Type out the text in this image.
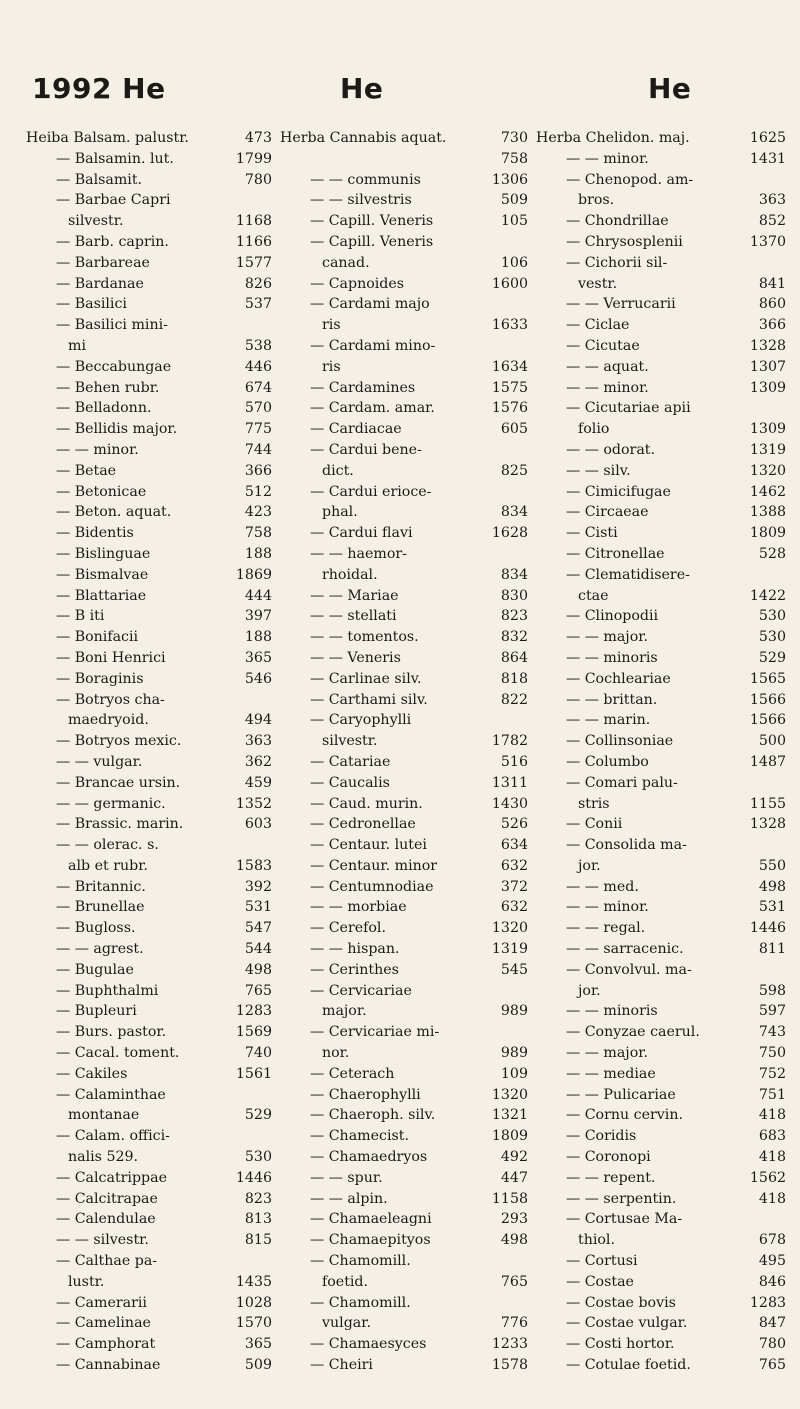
1992 He	He	He
Heiba Balsam. palustr.	473
— Balsamin. lut.	1799
— Balsamit.	780
— Barbae Capri
silvestr.	1168
— Barb. caprin.	1166
— Barbareae	1577
— Bardanae	826
— Basilici	537
— Basilici mini-
mi	538
— Beccabungae	446
— Behen rubr.	674
— Belladonn.	570
— Bellidis major.	775
— — minor.	744
— Betae	366
— Betonicae	512
— Beton. aquat.	423
— Bidentis	758
— Bislinguae	188
— Bismalvae	1869
— Blattariae	444
— B iti	397
— Bonifacii	188
— Boni Henrici	365
— Boraginis	546
— Botryos cha-
maedryoid.	494
— Botryos mexic.	363
— — vulgar.	362
— Brancae ursin.	459
— — germanic.	1352
— Brassic. marin.	603
— — olerac. s.
alb et rubr.	1583
— Britannic.	392
— Brunellae	531
— Bugloss.	547
— — agrest.	544
— Bugulae	498
— Buphthalmi	765
— Bupleuri	1283
— Burs. pastor.	1569
— Cacal. toment.	740
— Cakiles	1561
— Calaminthae
montanae	529
— Calam. offici-
nalis 529.	530
— Calcatrippae	1446
— Calcitrapae	823
— Calendulae	813
— — silvestr.	815
— Calthae pa-
lustr.	1435
— Camerarii	1028
— Camelinae	1570
— Camphorat	365
— Cannabinae	509
Herba Cannabis aquat.	730
758
— — communis	1306
— — silvestris	509
— Capill. Veneris	105
— Capill. Veneris
canad.	106
— Capnoides	1600
— Cardami majo
ris	1633
— Cardami mino-
ris	1634
— Cardamines	1575
— Cardam. amar.	1576
— Cardiacae	605
— Cardui bene-
dict.	825
— Cardui erioce-
phal.	834
— Cardui flavi	1628
— — haemor-
rhoidal.	834
— — Mariae	830
— — stellati	823
— — tomentos.	832
— — Veneris	864
— Carlinae silv.	818
— Carthami silv.	822
— Caryophylli
silvestr.	1782
— Catariae	516
— Caucalis	1311
— Caud. murin.	1430
— Cedronellae	526
— Centaur. lutei	634
— Centaur. minor	632
— Centumnodiae	372
— — morbiae	632
— Cerefol.	1320
— — hispan.	1319
— Cerinthes	545
— Cervicariae
major.	989
— Cervicariae mi-
nor.	989
— Ceterach	109
— Chaerophylli	1320
— Chaeroph. silv.	1321
— Chamecist.	1809
— Chamaedryos	492
— — spur.	447
— — alpin.	1158
— Chamaeleagni	293
— Chamaepityos	498
— Chamomill.
foetid.	765
— Chamomill.
vulgar.	776
— Chamaesyces	1233
— Cheiri	1578
Herba Chelidon. maj.	1625
— — minor.	1431
— Chenopod. am-
bros.	363
— Chondrillae	852
— Chrysosplenii	1370
— Cichorii sil-
vestr.	841
— — Verrucarii	860
— Ciclae	366
— Cicutae	1328
— — aquat.	1307
— — minor.	1309
— Cicutariae apii
folio	1309
— — odorat.	1319
— — silv.	1320
— Cimicifugae	1462
— Circaeae	1388
— Cisti	1809
— Citronellae	528
— Clematidisere-
ctae	1422
— Clinopodii	530
— — major.	530
— — minoris	529
— Cochleariae	1565
— — brittan.	1566
— — marin.	1566
— Collinsoniae	500
— Columbo	1487
— Comari palu-
stris	1155
— Conii	1328
— Consolida ma-
jor.	550
— — med.	498
— — minor.	531
— — regal.	1446
— — sarracenic.	811
— Convolvul. ma-
jor.	598
— — minoris	597
— Conyzae caerul.	743
— — major.	750
— — mediae	752
— — Pulicariae	751
— Cornu cervin.	418
— Coridis	683
— Coronopi	418
— — repent.	1562
— — serpentin.	418
— Cortusae Ma-
thiol.	678
— Cortusi	495
— Costae	846
— Costae bovis	1283
— Costae vulgar.	847
— Costi hortor.	780
— Cotulae foetid.	765
